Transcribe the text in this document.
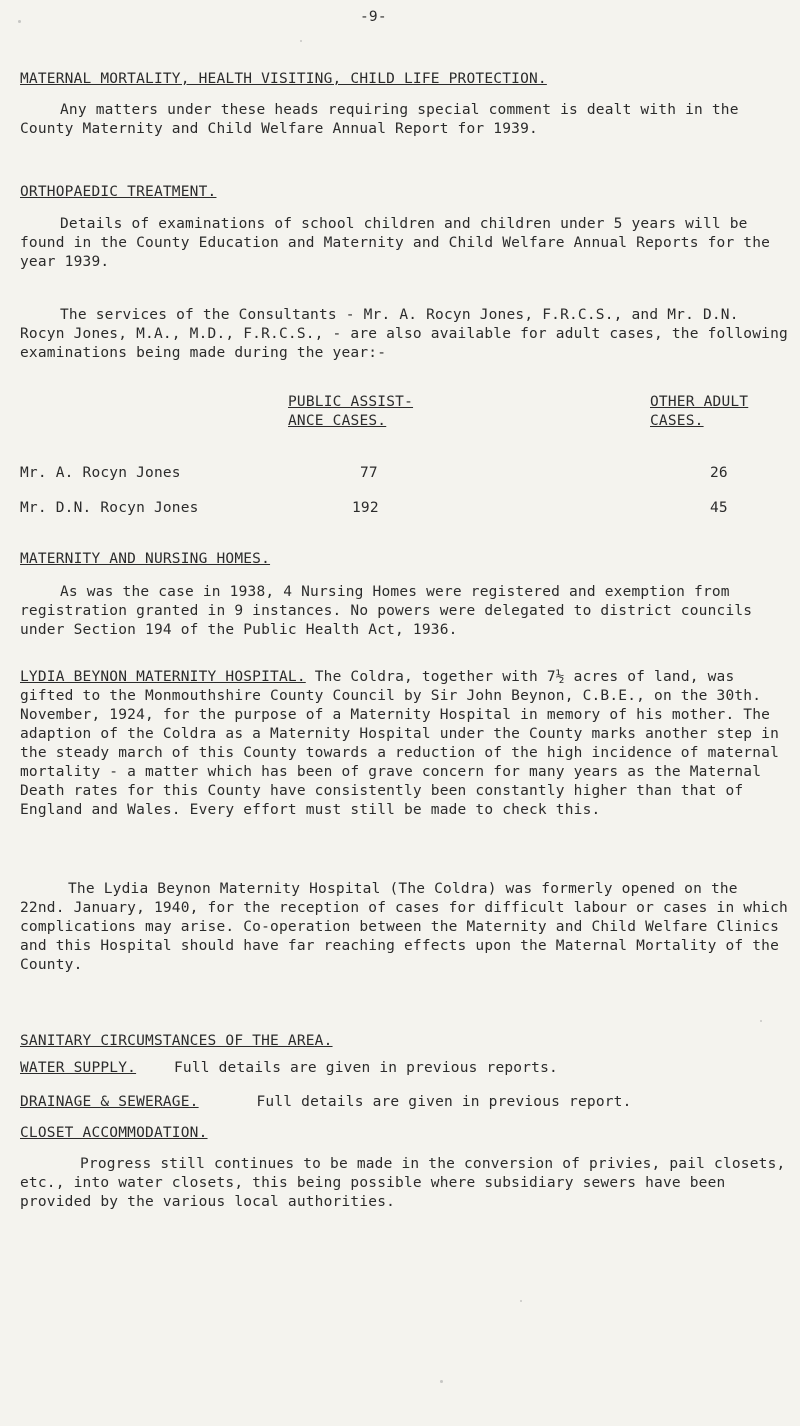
-9-
MATERNAL MORTALITY, HEALTH VISITING, CHILD LIFE PROTECTION.

Any matters under these heads requiring special comment is dealt with in the County Maternity and Child Welfare Annual Report for 1939.

ORTHOPAEDIC TREATMENT.

Details of examinations of school children and children under 5 years will be found in the County Education and Maternity and Child Welfare Annual Reports for the year 1939.

The services of the Consultants - Mr. A. Rocyn Jones, F.R.C.S., and Mr. D.N. Rocyn Jones, M.A., M.D., F.R.C.S., - are also available for adult cases, the following examinations being made during the year:-

PUBLIC ASSIST-
ANCE CASES.
OTHER ADULT
CASES.
Mr. A. Rocyn Jones	77	26
Mr. D.N. Rocyn Jones	192	45
MATERNITY AND NURSING HOMES.

As was the case in 1938, 4 Nursing Homes were registered and exemption from registration granted in 9 instances. No powers were delegated to district councils under Section 194 of the Public Health Act, 1936.

LYDIA BEYNON MATERNITY HOSPITAL. The Coldra, together with 7½ acres of land, was gifted to the Monmouthshire County Council by Sir John Beynon, C.B.E., on the 30th. November, 1924, for the purpose of a Maternity Hospital in memory of his mother. The adaption of the Coldra as a Maternity Hospital under the County marks another step in the steady march of this County towards a reduction of the high incidence of maternal mortality - a matter which has been of grave concern for many years as the Maternal Death rates for this County have consistently been constantly higher than that of England and Wales. Every effort must still be made to check this.

The Lydia Beynon Maternity Hospital (The Coldra) was formerly opened on the 22nd. January, 1940, for the reception of cases for difficult labour or cases in which complications may arise. Co-operation between the Maternity and Child Welfare Clinics and this Hospital should have far reaching effects upon the Maternal Mortality of the County.

SANITARY CIRCUMSTANCES OF THE AREA.
WATER SUPPLY.	Full details are given in previous reports.
DRAINAGE & SEWERAGE.	Full details are given in previous report.
CLOSET ACCOMMODATION.

Progress still continues to be made in the conversion of privies, pail closets, etc., into water closets, this being possible where subsidiary sewers have been provided by the various local authorities.
